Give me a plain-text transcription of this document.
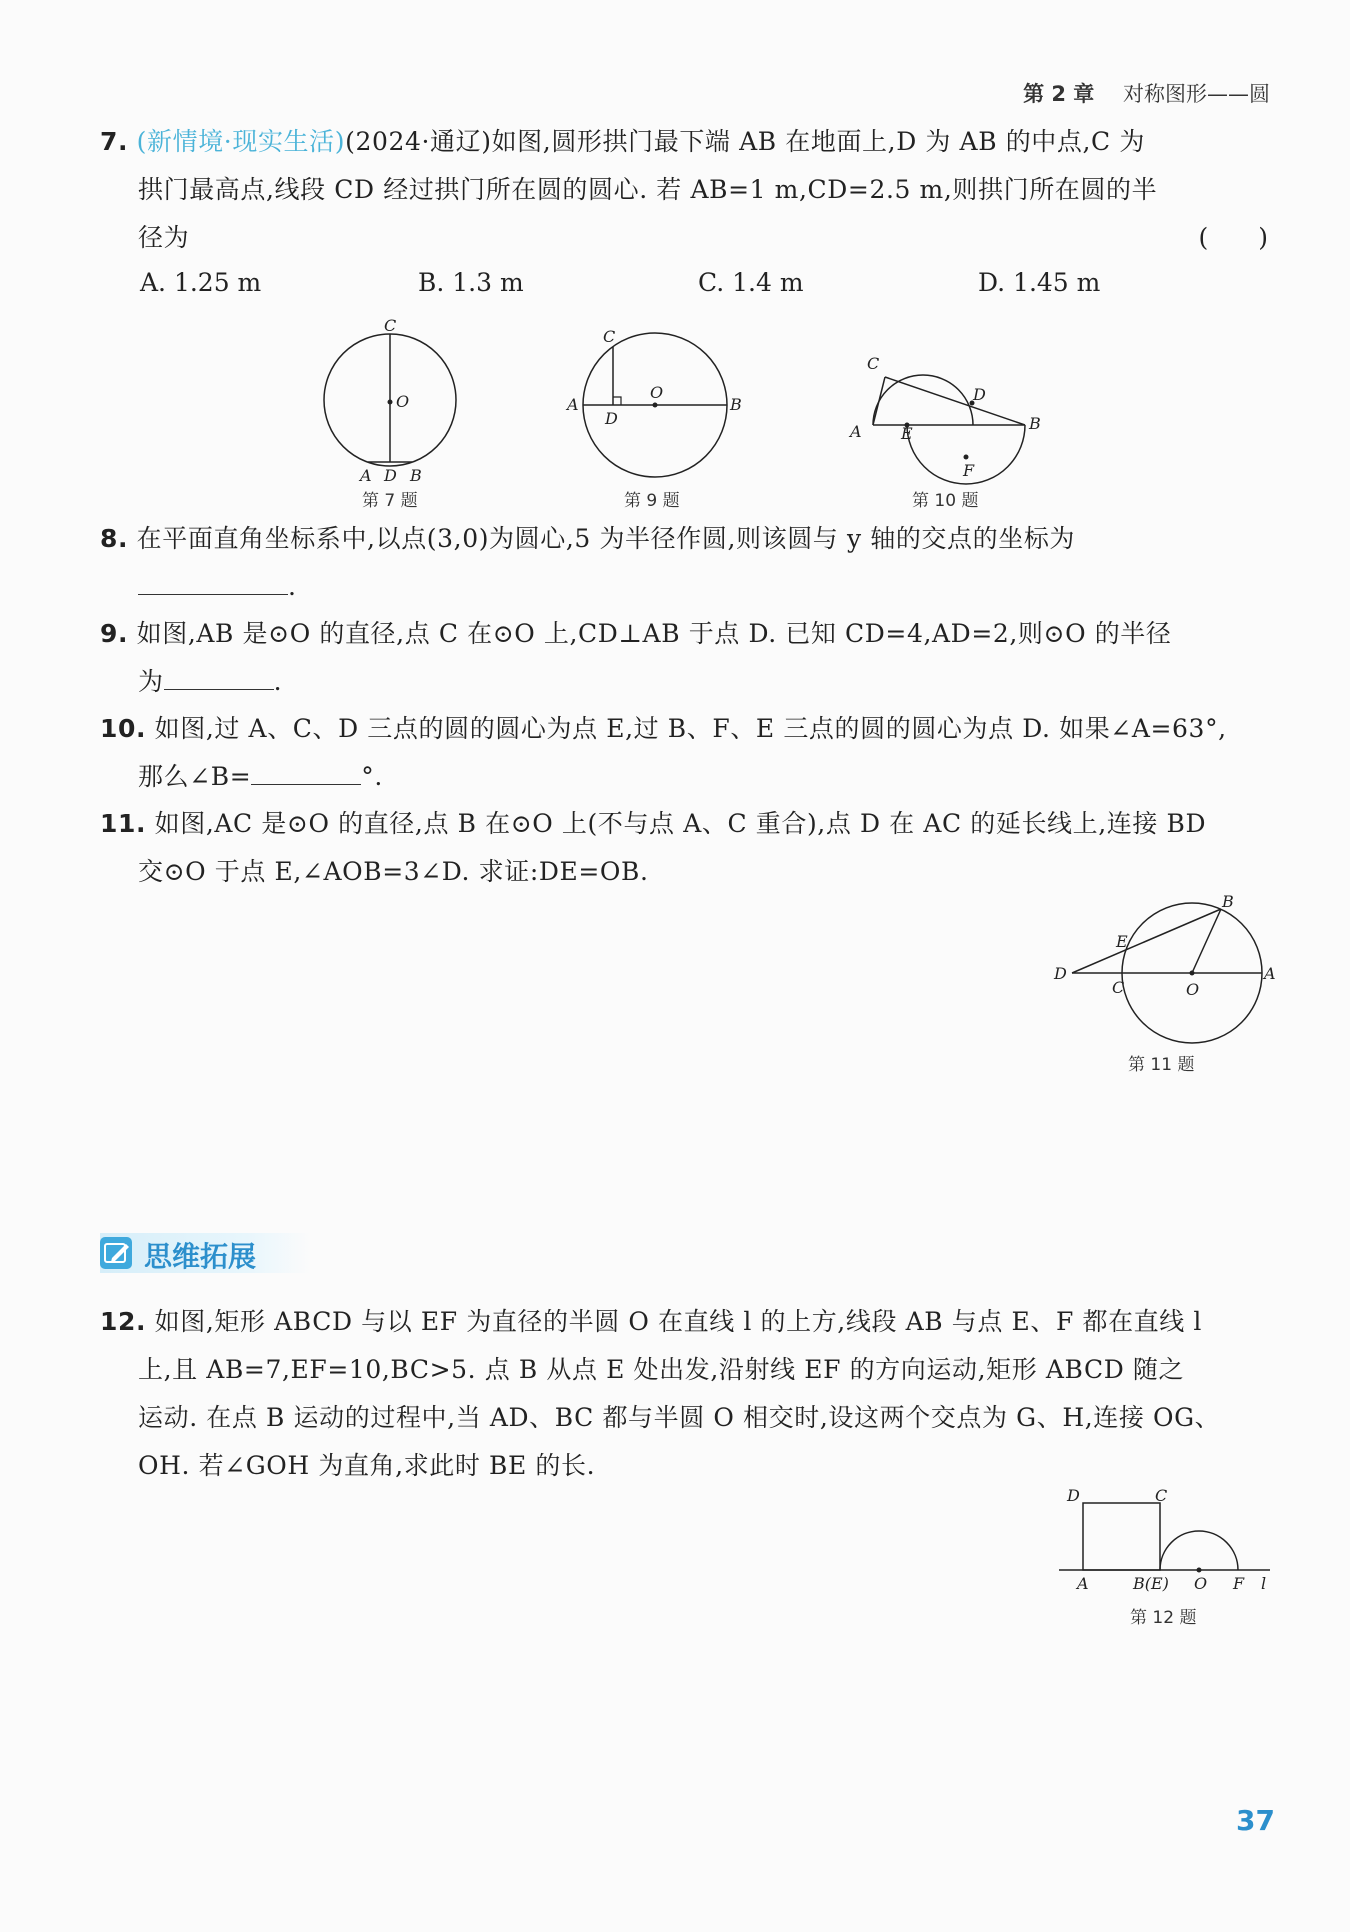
第 2 章 对称图形——圆
7. (新情境·现实生活)(2024·通辽)如图,圆形拱门最下端 AB 在地面上,D 为 AB 的中点,C 为
拱门最高点,线段 CD 经过拱门所在圆的圆心. 若 AB=1 m,CD=2.5 m,则拱门所在圆的半
径为	(　　)
A. 1.25 m	B. 1.3 m	C. 1.4 m	D. 1.45 m
C
O
A D B
第 7 题
C
O
A
D
B
第 9 题
C
D
A E
B
F
第 10 题
8. 在平面直角坐标系中,以点(3,0)为圆心,5 为半径作圆,则该圆与 y 轴的交点的坐标为
.
9. 如图,AB 是⊙O 的直径,点 C 在⊙O 上,CD⊥AB 于点 D. 已知 CD=4,AD=2,则⊙O 的半径
为	.
10. 如图,过 A、C、D 三点的圆的圆心为点 E,过 B、F、E 三点的圆的圆心为点 D. 如果∠A=63°,
那么∠B=	°.
11. 如图,AC 是⊙O 的直径,点 B 在⊙O 上(不与点 A、C 重合),点 D 在 AC 的延长线上,连接 BD
交⊙O 于点 E,∠AOB=3∠D. 求证:DE=OB.
B
E
D
C	O
A
第 11 题
思维拓展
12. 如图,矩形 ABCD 与以 EF 为直径的半圆 O 在直线 l 的上方,线段 AB 与点 E、F 都在直线 l
上,且 AB=7,EF=10,BC>5. 点 B 从点 E 处出发,沿射线 EF 的方向运动,矩形 ABCD 随之
运动. 在点 B 运动的过程中,当 AD、BC 都与半圆 O 相交时,设这两个交点为 G、H,连接 OG、
OH. 若∠GOH 为直角,求此时 BE 的长.
D	C
A	B(E) O F l
第 12 题
37
